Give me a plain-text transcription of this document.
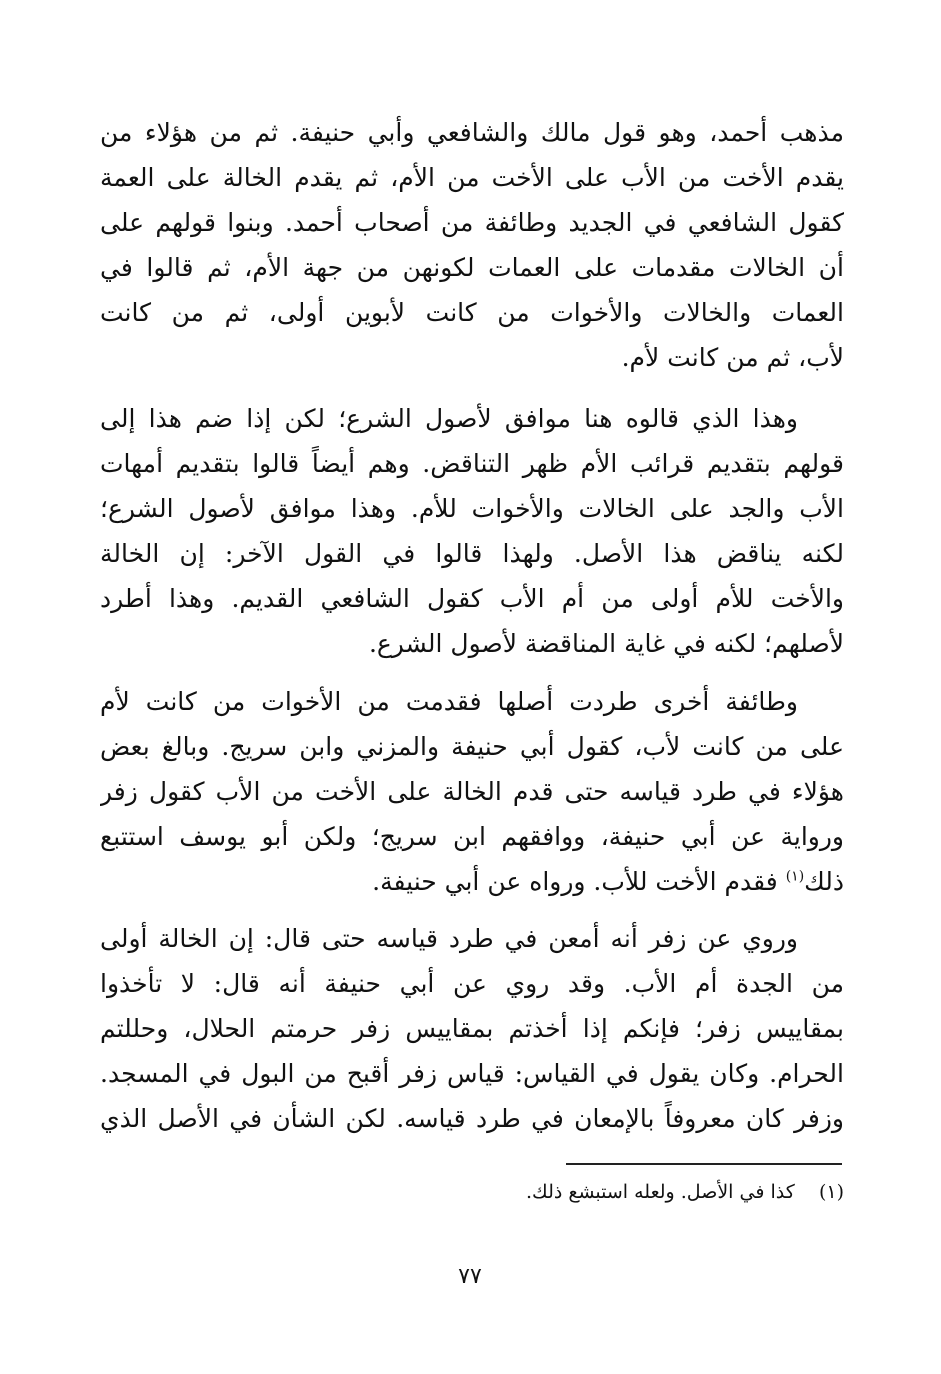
مذهب أحمد، وهو قول مالك والشافعي وأبي حنيفة. ثم من هؤلاء من
يقدم الأخت من الأب على الأخت من الأم، ثم يقدم الخالة على العمة
كقول الشافعي في الجديد وطائفة من أصحاب أحمد. وبنوا قولهم على
أن الخالات مقدمات على العمات لكونهن من جهة الأم، ثم قالوا في
العمات والخالات والأخوات من كانت لأبوين أولى، ثم من كانت
لأب، ثم من كانت لأم.
وهذا الذي قالوه هنا موافق لأصول الشرع؛ لكن إذا ضم هذا إلى
قولهم بتقديم قرائب الأم ظهر التناقض. وهم أيضاً قالوا بتقديم أمهات
الأب والجد على الخالات والأخوات للأم. وهذا موافق لأصول الشرع؛
لكنه يناقض هذا الأصل. ولهذا قالوا في القول الآخر: إن الخالة
والأخت للأم أولى من أم الأب كقول الشافعي القديم. وهذا أطرد
لأصلهم؛ لكنه في غاية المناقضة لأصول الشرع.
وطائفة أخرى طردت أصلها فقدمت من الأخوات من كانت لأم
على من كانت لأب، كقول أبي حنيفة والمزني وابن سريج. وبالغ بعض
هؤلاء في طرد قياسه حتى قدم الخالة على الأخت من الأب كقول زفر
ورواية عن أبي حنيفة، ووافقهم ابن سريج؛ ولكن أبو يوسف استتبع
ذلك$^{(١)}$ فقدم الأخت للأب. ورواه عن أبي حنيفة.
وروي عن زفر أنه أمعن في طرد قياسه حتى قال: إن الخالة أولى
من الجدة أم الأب. وقد روي عن أبي حنيفة أنه قال: لا تأخذوا
بمقاييس زفر؛ فإنكم إذا أخذتم بمقاييس زفر حرمتم الحلال، وحللتم
الحرام. وكان يقول في القياس: قياس زفر أقبح من البول في المسجد.
وزفر كان معروفاً بالإمعان في طرد قياسه. لكن الشأن في الأصل الذي
(١)    كذا في الأصل. ولعله استبشع ذلك.
٧٧
